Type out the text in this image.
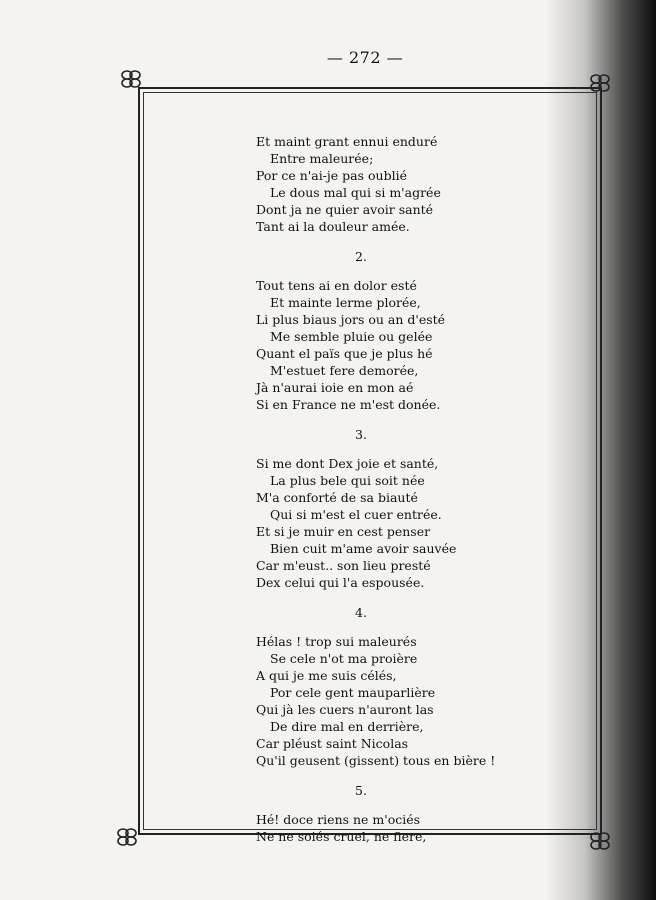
— 272 —
Et maint grant ennui enduré
Entre maleurée;
Por ce n'ai-je pas oublié
Le dous mal qui si m'agrée
Dont ja ne quier avoir santé
Tant ai la douleur amée.
2.
Tout tens ai en dolor esté
Et mainte lerme plorée,
Li plus biaus jors ou an d'esté
Me semble pluie ou gelée
Quant el païs que je plus hé
M'estuet fere demorée,
Jà n'aurai ioie en mon aé
Si en France ne m'est donée.
3.
Si me dont Dex joie et santé,
La plus bele qui soit née
M'a conforté de sa biauté
Qui si m'est el cuer entrée.
Et si je muir en cest penser
Bien cuit m'ame avoir sauvée
Car m'eust.. son lieu presté
Dex celui qui l'a espousée.
4.
Hélas ! trop sui maleurés
Se cele n'ot ma proière
A qui je me suis célés,
Por cele gent mauparlière
Qui jà les cuers n'auront las
De dire mal en derrière,
Car pléust saint Nicolas
Qu'il geusent (gissent) tous en bière !
5.
Hé! doce riens ne m'ociés
Ne ne soiés cruel, ne fiere,
